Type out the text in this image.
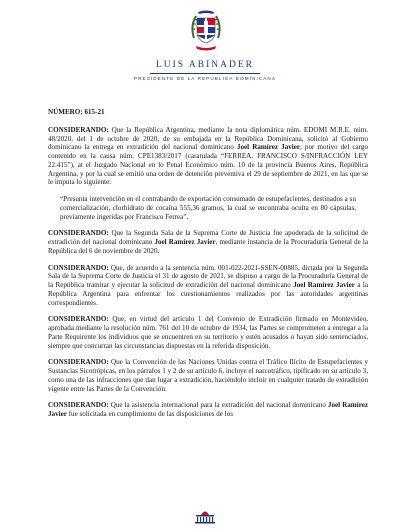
LUIS ABINADER
PRESIDENTE DE LA REPÚBLICA DOMINICANA
NÚMERO: 615-21

CONSIDERANDO: Que la República Argentina, mediante la nota diplomática núm. EDOMI M.R.E. núm. 48/2020, del 1 de octubre de 2020, de su embajada en la República Dominicana, solicitó al Gobierno dominicano la entrega en extradición del nacional dominicano Joel Ramírez Javier, por motivo del cargo contenido en la causa núm. CPE1383/2017 (caratulada “FERREA, FRANCISCO S/INFRACCIÓN LEY 22.415”), at el Juzgado Nacional en lo Penal Económico núm. 10 de la provincia Buenos Aires, República Argentina, y por la cual se emitió una orden de detención preventiva el 29 de septiembre de 2021, en las que se le imputa lo siguiente:

“Presunta intervención en el contrabando de exportación consumado de estupefacientes, destinados a su comercialización, clorhidrato de cocaína 555,36 gramos, la cual se encontraba oculta en 80 cápsulas, previamente ingeridas por Francisco Ferrea”.

CONSIDERANDO: Que la Segunda Sala de la Suprema Corte de Justicia fue apoderada de la solicitud de extradición del nacional dominicano Joel Ramírez Javier, mediante instancia de la Procuraduría General de la República del 6 de noviembre de 2020.

CONSIDERANDO: Que, de acuerdo a la sentencia núm. 001-022-2021-SSEN-00885, dictada por la Segunda Sala de la Suprema Corte de Justicia el 31 de agosto de 2021, se dispuso a cargo de la Procuraduría General de la República tramitar y ejecutar la solicitud de extradición del nacional dominicano Joel Ramírez Javier a la República Argentina para enfrentar los cuestionamientos realizados por las autoridades argentinas correspondientes.

CONSIDERANDO: Que, en virtud del artículo 1 del Convenio de Extradición firmado en Montevideo, aprobada mediante la resolución núm. 761 del 10 de octubre de 1934, las Partes se comprometen a entregar a la Parte Requirente los individuos que se encuentren en su territorio y estén acusados o hayan sido sentenciados, siempre que concurran las circunstancias dispuestas en la referida disposición.

CONSIDERANDO: Que la Convención de las Naciones Unidas contra el Tráfico Ilícito de Estupefacientes y Sustancias Sicotrópicas, en los párrafos 1 y 2 de su artículo 6, incluye el narcotráfico, tipificado en su artículo 3, como una de las infracciones que dan lugar a extradición, haciéndolo incluir en cualquier tratado de extradición vigente entre las Partes de la Convención.

CONSIDERANDO: Que la asistencia internacional para la extradición del nacional dominicano Joel Ramírez Javier fue solicitada en cumplimiento de las disposiciones de los
